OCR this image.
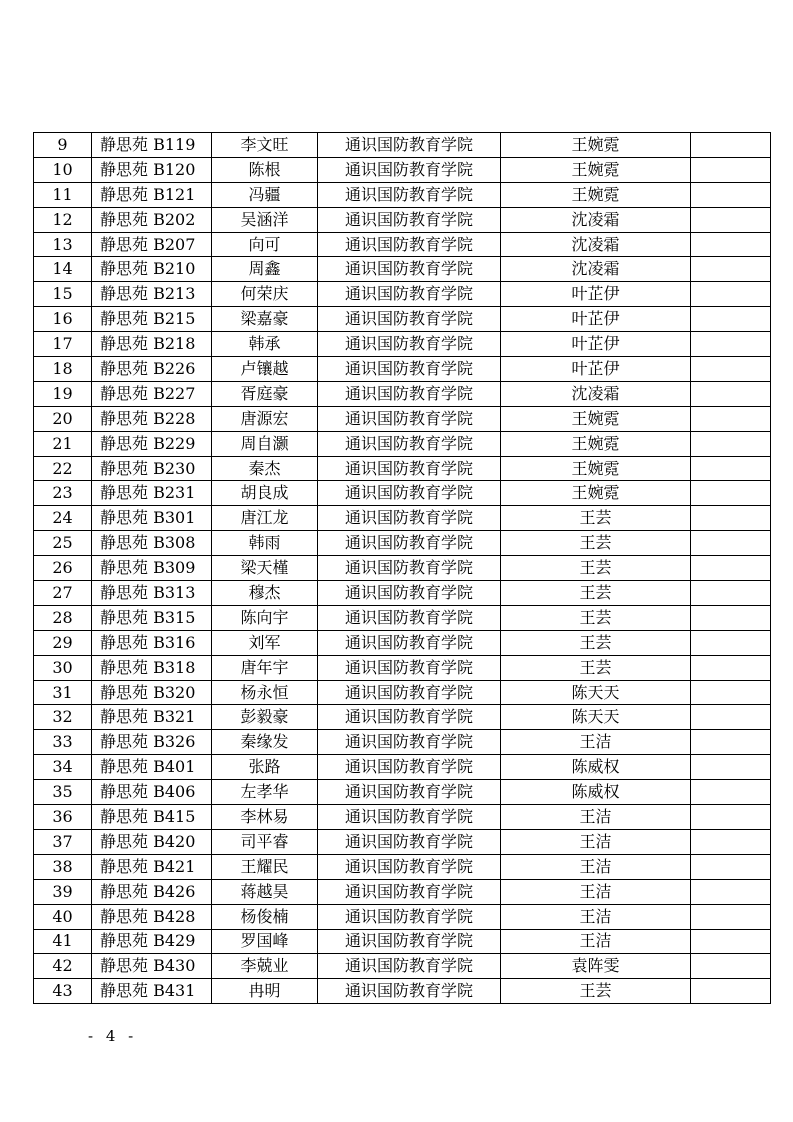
9	静思苑 B119	李文旺	通识国防教育学院	王婉霓	
10	静思苑 B120	陈根	通识国防教育学院	王婉霓	
11	静思苑 B121	冯疆	通识国防教育学院	王婉霓	
12	静思苑 B202	吴涵洋	通识国防教育学院	沈凌霜	
13	静思苑 B207	向可	通识国防教育学院	沈凌霜	
14	静思苑 B210	周鑫	通识国防教育学院	沈凌霜	
15	静思苑 B213	何荣庆	通识国防教育学院	叶芷伊	
16	静思苑 B215	梁嘉豪	通识国防教育学院	叶芷伊	
17	静思苑 B218	韩承	通识国防教育学院	叶芷伊	
18	静思苑 B226	卢镶越	通识国防教育学院	叶芷伊	
19	静思苑 B227	胥庭豪	通识国防教育学院	沈凌霜	
20	静思苑 B228	唐源宏	通识国防教育学院	王婉霓	
21	静思苑 B229	周自灏	通识国防教育学院	王婉霓	
22	静思苑 B230	秦杰	通识国防教育学院	王婉霓	
23	静思苑 B231	胡良成	通识国防教育学院	王婉霓	
24	静思苑 B301	唐江龙	通识国防教育学院	王芸	
25	静思苑 B308	韩雨	通识国防教育学院	王芸	
26	静思苑 B309	梁天槿	通识国防教育学院	王芸	
27	静思苑 B313	穆杰	通识国防教育学院	王芸	
28	静思苑 B315	陈向宇	通识国防教育学院	王芸	
29	静思苑 B316	刘军	通识国防教育学院	王芸	
30	静思苑 B318	唐年宇	通识国防教育学院	王芸	
31	静思苑 B320	杨永恒	通识国防教育学院	陈天天	
32	静思苑 B321	彭毅豪	通识国防教育学院	陈天天	
33	静思苑 B326	秦缘发	通识国防教育学院	王洁	
34	静思苑 B401	张路	通识国防教育学院	陈威权	
35	静思苑 B406	左孝华	通识国防教育学院	陈威权	
36	静思苑 B415	李林易	通识国防教育学院	王洁	
37	静思苑 B420	司平睿	通识国防教育学院	王洁	
38	静思苑 B421	王耀民	通识国防教育学院	王洁	
39	静思苑 B426	蒋越昊	通识国防教育学院	王洁	
40	静思苑 B428	杨俊楠	通识国防教育学院	王洁	
41	静思苑 B429	罗国峰	通识国防教育学院	王洁	
42	静思苑 B430	李兢业	通识国防教育学院	袁阵雯	
43	静思苑 B431	冉明	通识国防教育学院	王芸	
- 4 -
